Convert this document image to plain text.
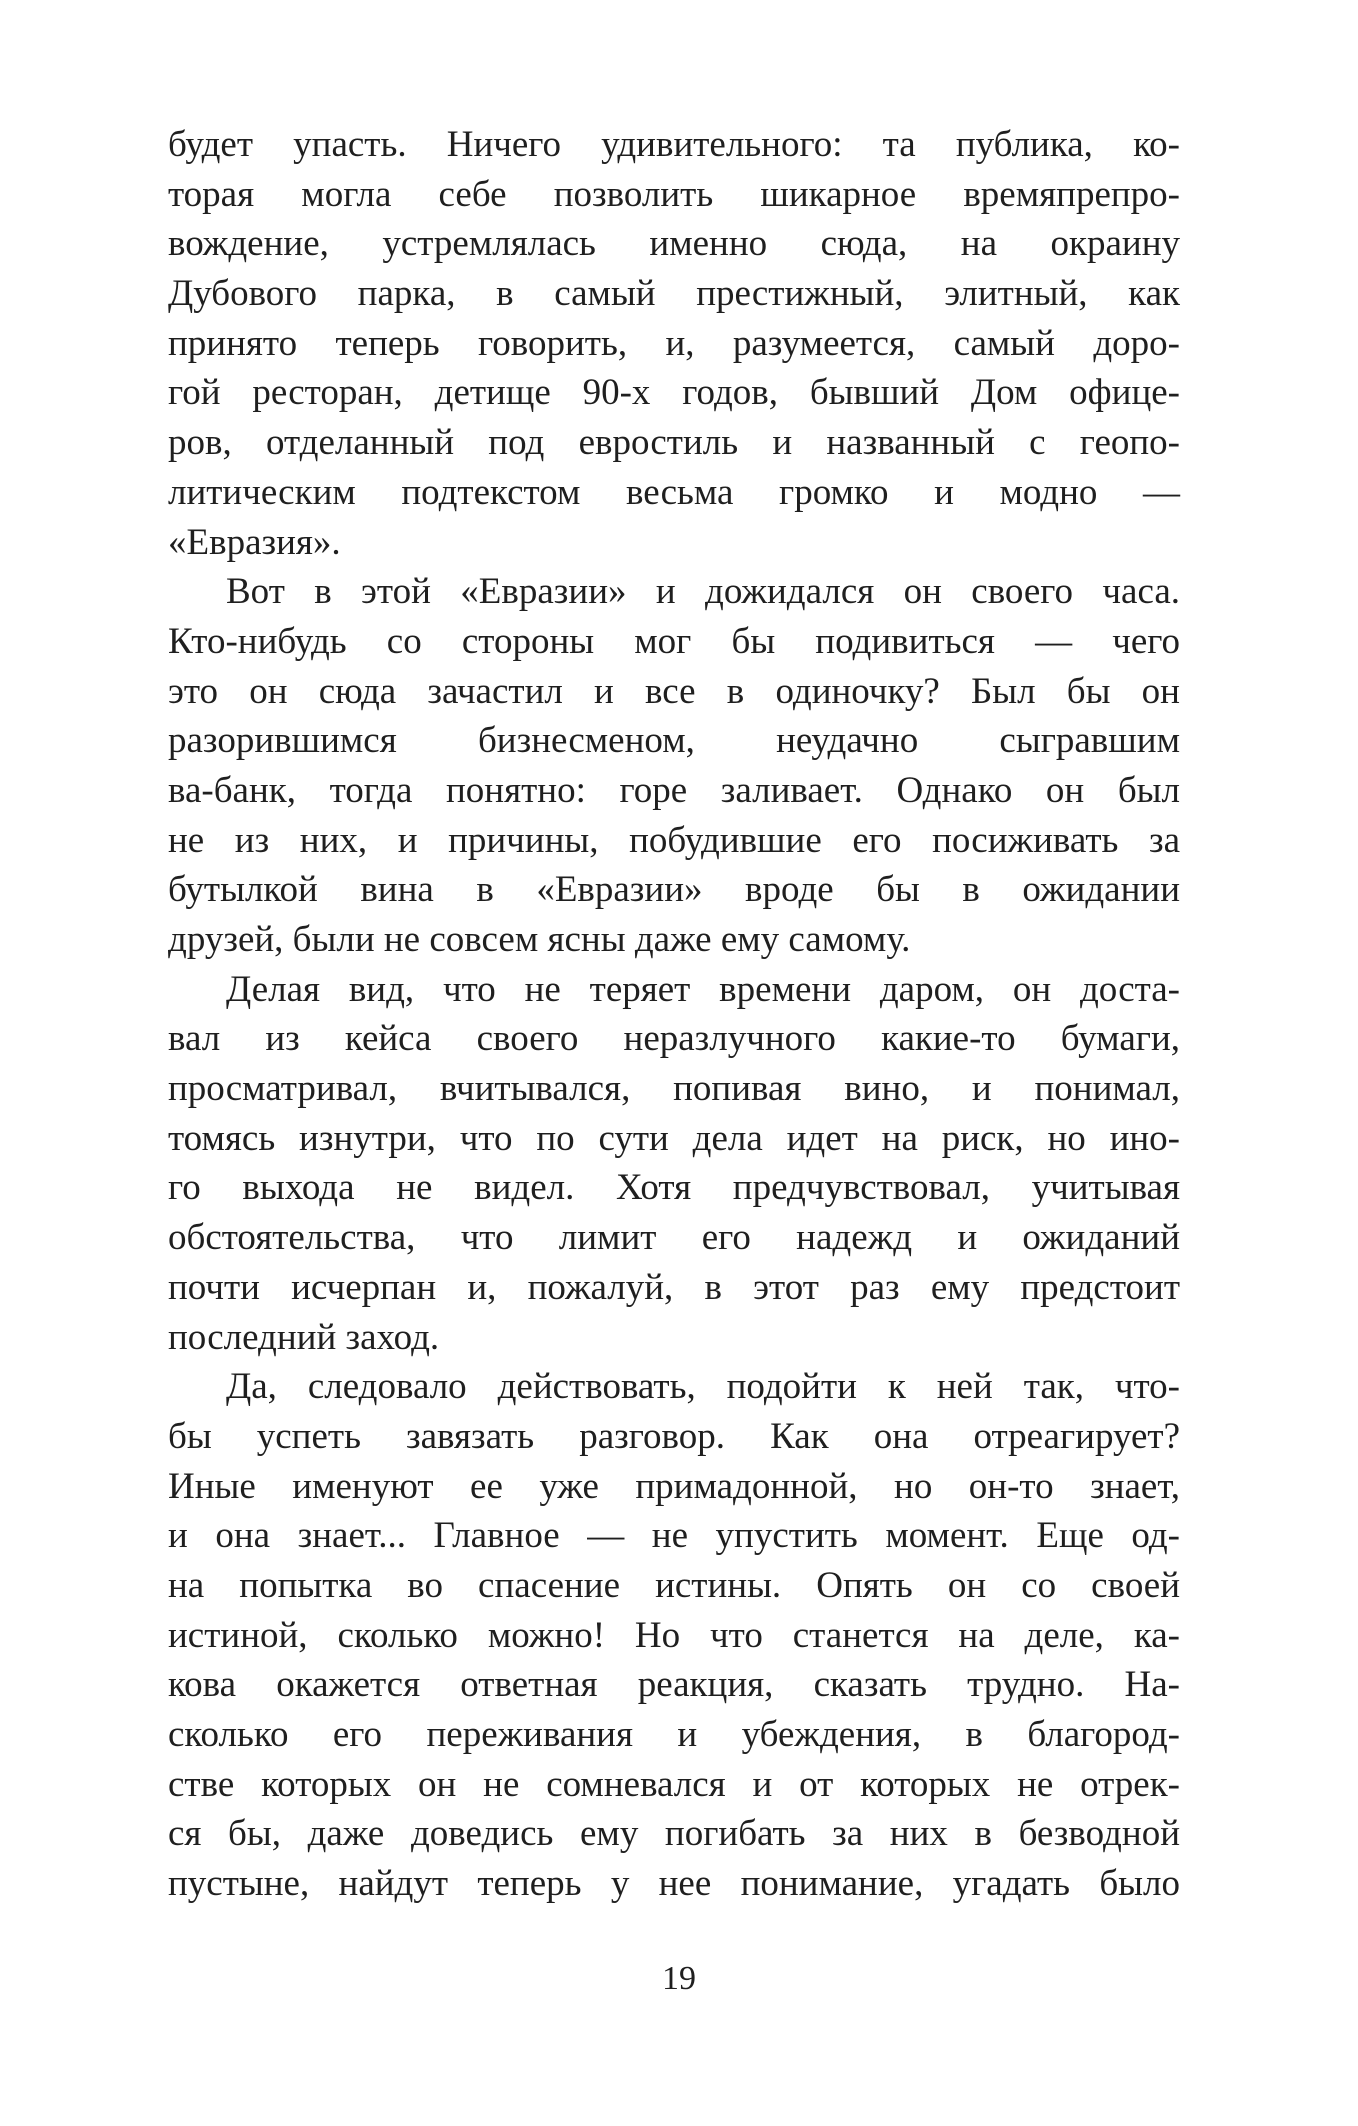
будет упасть. Ничего удивительного: та публика, ко-
торая могла себе позволить шикарное времяпрепро-
вождение, устремлялась именно сюда, на окраину
Дубового парка, в самый престижный, элитный, как
принято теперь говорить, и, разумеется, самый доро-
гой ресторан, детище 90-х годов, бывший Дом офице-
ров, отделанный под евростиль и названный с геопо-
литическим подтекстом весьма громко и модно —
«Евразия».
Вот в этой «Евразии» и дожидался он своего часа.
Кто-нибудь со стороны мог бы подивиться — чего
это он сюда зачастил и все в одиночку? Был бы он
разорившимся бизнесменом, неудачно сыгравшим
ва-банк, тогда понятно: горе заливает. Однако он был
не из них, и причины, побудившие его посиживать за
бутылкой вина в «Евразии» вроде бы в ожидании
друзей, были не совсем ясны даже ему самому.
Делая вид, что не теряет времени даром, он доста-
вал из кейса своего неразлучного какие-то бумаги,
просматривал, вчитывался, попивая вино, и понимал,
томясь изнутри, что по сути дела идет на риск, но ино-
го выхода не видел. Хотя предчувствовал, учитывая
обстоятельства, что лимит его надежд и ожиданий
почти исчерпан и, пожалуй, в этот раз ему предстоит
последний заход.
Да, следовало действовать, подойти к ней так, что-
бы успеть завязать разговор. Как она отреагирует?
Иные именуют ее уже примадонной, но он-то знает,
и она знает... Главное — не упустить момент. Еще од-
на попытка во спасение истины. Опять он со своей
истиной, сколько можно! Но что станется на деле, ка-
кова окажется ответная реакция, сказать трудно. На-
сколько его переживания и убеждения, в благород-
стве которых он не сомневался и от которых не отрек-
ся бы, даже доведись ему погибать за них в безводной
пустыне, найдут теперь у нее понимание, угадать было
19
